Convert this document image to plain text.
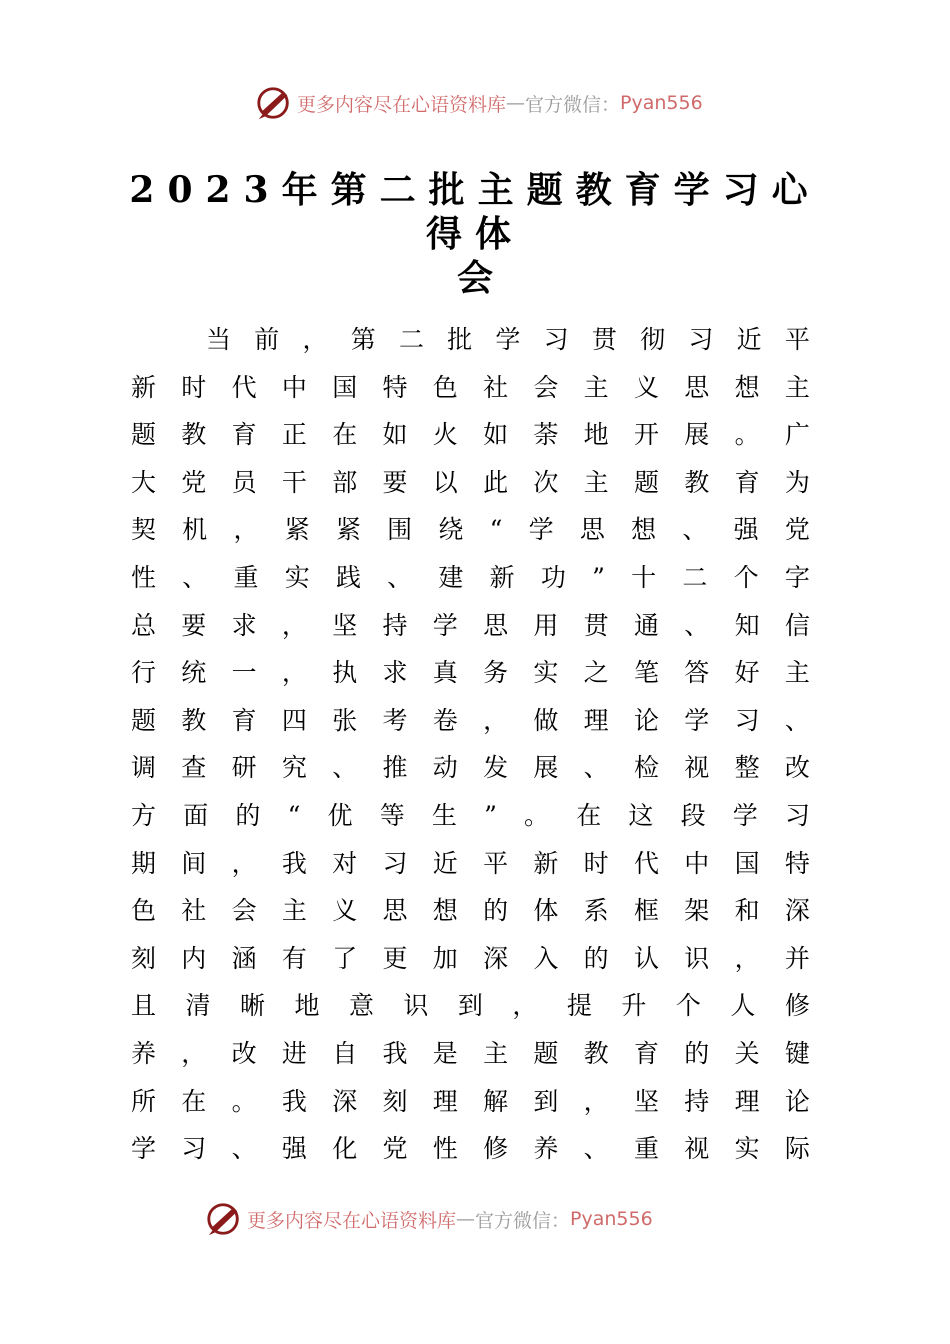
更多内容尽在心语资料库 — 官方微信： Pyan556
2023年第二批主题教育学习心得体
会
当 前 ， 第 二 批 学 习 贯 彻 习 近 平
新 时 代 中 国 特 色 社 会 主 义 思 想 主
题 教 育 正 在 如 火 如 荼 地 开 展 。 广
大 党 员 干 部 要 以 此 次 主 题 教 育 为
契 机 ， 紧 紧 围 绕 “ 学 思 想 、 强 党
性 、 重 实 践 、 建 新 功 ” 十 二 个 字
总 要 求 ， 坚 持 学 思 用 贯 通 、 知 信
行 统 一 ， 执 求 真 务 实 之 笔 答 好 主
题 教 育 四 张 考 卷 ， 做 理 论 学 习 、
调 查 研 究 、 推 动 发 展 、 检 视 整 改
方 面 的 “ 优 等 生 ” 。 在 这 段 学 习
期 间 ， 我 对 习 近 平 新 时 代 中 国 特
色 社 会 主 义 思 想 的 体 系 框 架 和 深
刻 内 涵 有 了 更 加 深 入 的 认 识 ， 并
且 清 晰 地 意 识 到 ， 提 升 个 人 修
养 ， 改 进 自 我 是 主 题 教 育 的 关 键
所 在 。 我 深 刻 理 解 到 ， 坚 持 理 论
学 习 、 强 化 党 性 修 养 、 重 视 实 际
更多内容尽在心语资料库 — 官方微信： Pyan556
